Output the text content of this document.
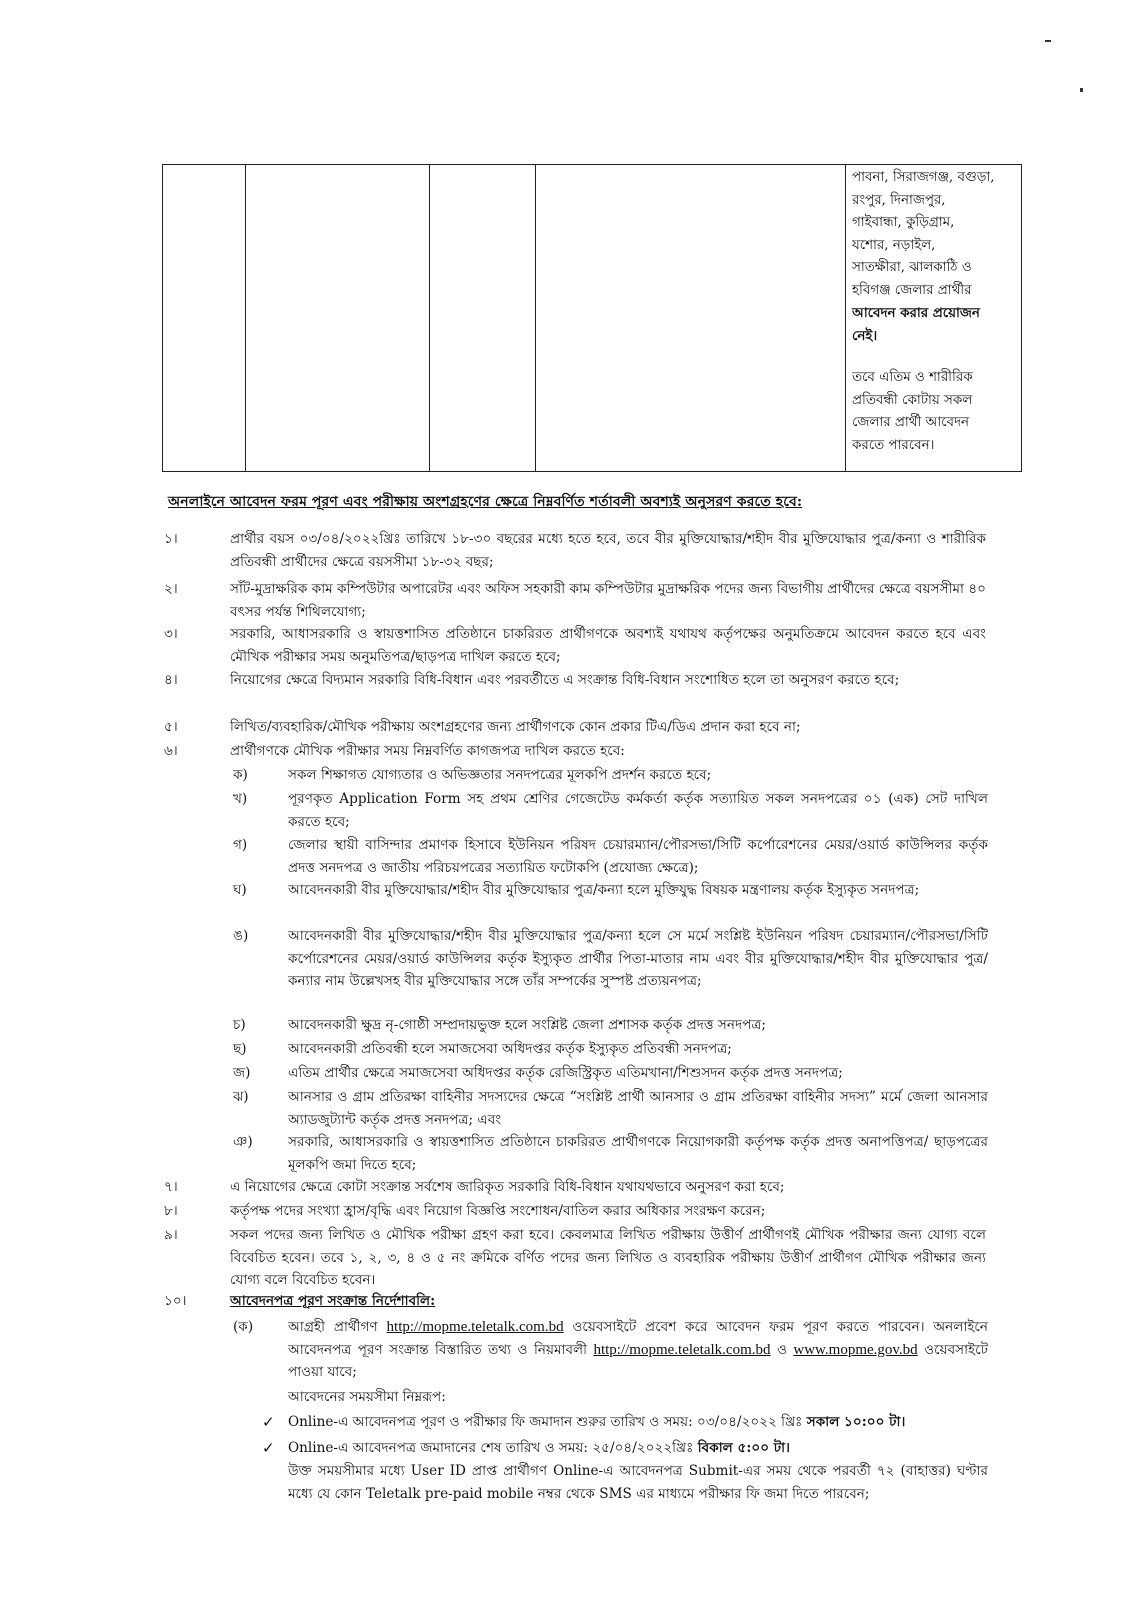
পাবনা, সিরাজগঞ্জ, বগুড়া,

রংপুর, দিনাজপুর,

গাইবান্ধা, কুড়িগ্রাম,

যশোর, নড়াইল,

সাতক্ষীরা, ঝালকাঠি ও

হবিগঞ্জ জেলার প্রার্থীর

আবেদন করার প্রয়োজন

নেই।

তবে এতিম ও শারীরিক

প্রতিবন্ধী কোটায় সকল

জেলার প্রার্থী আবেদন

করতে পারবেন।

অনলাইনে আবেদন ফরম পূরণ এবং পরীক্ষায় অংশগ্রহণের ক্ষেত্রে নিম্নবর্ণিত শর্তাবলী অবশ্যই অনুসরণ করতে হবে:
১।	প্রার্থীর বয়স ০৩/০৪/২০২২খ্রিঃ তারিখে ১৮-৩০ বছরের মধ্যে হতে হবে, তবে বীর মুক্তিযোদ্ধার/শহীদ বীর মুক্তিযোদ্ধার পুত্র/কন্যা ও শারীরিক প্রতিবন্ধী প্রার্থীদের ক্ষেত্রে বয়সসীমা ১৮-৩২ বছর;
২।	সাঁট-মুদ্রাক্ষরিক কাম কম্পিউটার অপারেটর এবং অফিস সহকারী কাম কম্পিউটার মুদ্রাক্ষরিক পদের জন্য বিভাগীয় প্রার্থীদের ক্ষেত্রে বয়সসীমা ৪০ বৎসর পর্যন্ত শিথিলযোগ্য;
৩।	সরকারি, আধাসরকারি ও স্বায়ত্তশাসিত প্রতিষ্ঠানে চাকরিরত প্রার্থীগণকে অবশ্যই যথাযথ কর্তৃপক্ষের অনুমতিক্রমে আবেদন করতে হবে এবং মৌখিক পরীক্ষার সময় অনুমতিপত্র/ছাড়পত্র দাখিল করতে হবে;
৪।	নিয়োগের ক্ষেত্রে বিদ্যমান সরকারি বিধি-বিধান এবং পরবর্তীতে এ সংক্রান্ত বিধি-বিধান সংশোধিত হলে তা অনুসরণ করতে হবে;
৫।	লিখিত/ব্যবহারিক/মৌখিক পরীক্ষায় অংশগ্রহণের জন্য প্রার্থীগণকে কোন প্রকার টিএ/ডিএ প্রদান করা হবে না;
৬।	প্রার্থীগণকে মৌখিক পরীক্ষার সময় নিম্নবর্ণিত কাগজপত্র দাখিল করতে হবে:
ক)	সকল শিক্ষাগত যোগ্যতার ও অভিজ্ঞতার সনদপত্রের মূলকপি প্রদর্শন করতে হবে;
খ)	পূরণকৃত Application Form সহ প্রথম শ্রেণির গেজেটেড কর্মকর্তা কর্তৃক সত্যায়িত সকল সনদপত্রের ০১ (এক) সেট দাখিল করতে হবে;
গ)	জেলার স্থায়ী বাসিন্দার প্রমাণক হিসাবে ইউনিয়ন পরিষদ চেয়ারম্যান/পৌরসভা/সিটি কর্পোরেশনের মেয়র/ওয়ার্ড কাউন্সিলর কর্তৃক প্রদত্ত সনদপত্র ও জাতীয় পরিচয়পত্রের সত্যায়িত ফটোকপি (প্রযোজ্য ক্ষেত্রে);
ঘ)	আবেদনকারী বীর মুক্তিযোদ্ধার/শহীদ বীর মুক্তিযোদ্ধার পুত্র/কন্যা হলে মুক্তিযুদ্ধ বিষয়ক মন্ত্রণালয় কর্তৃক ইস্যুকৃত সনদপত্র;
ঙ)	আবেদনকারী বীর মুক্তিযোদ্ধার/শহীদ বীর মুক্তিযোদ্ধার পুত্র/কন্যা হলে সে মর্মে সংশ্লিষ্ট ইউনিয়ন পরিষদ চেয়ারম্যান/পৌরসভা/সিটি কর্পোরেশনের মেয়র/ওয়ার্ড কাউন্সিলর কর্তৃক ইস্যুকৃত প্রার্থীর পিতা-মাতার নাম এবং বীর মুক্তিযোদ্ধার/শহীদ বীর মুক্তিযোদ্ধার পুত্র/কন্যার নাম উল্লেখসহ বীর মুক্তিযোদ্ধার সঙ্গে তাঁর সম্পর্কের সুস্পষ্ট প্রত্যয়নপত্র;
চ)	আবেদনকারী ক্ষুদ্র নৃ-গোষ্ঠী সম্প্রদায়ভুক্ত হলে সংশ্লিষ্ট জেলা প্রশাসক কর্তৃক প্রদত্ত সনদপত্র;
ছ)	আবেদনকারী প্রতিবন্ধী হলে সমাজসেবা অধিদপ্তর কর্তৃক ইস্যুকৃত প্রতিবন্ধী সনদপত্র;
জ)	এতিম প্রার্থীর ক্ষেত্রে সমাজসেবা অধিদপ্তর কর্তৃক রেজিস্ট্রিকৃত এতিমখানা/শিশুসদন কর্তৃক প্রদত্ত সনদপত্র;
ঝ)	আনসার ও গ্রাম প্রতিরক্ষা বাহিনীর সদস্যদের ক্ষেত্রে “সংশ্লিষ্ট প্রার্থী আনসার ও গ্রাম প্রতিরক্ষা বাহিনীর সদস্য” মর্মে জেলা আনসার অ্যাডজুট্যান্ট কর্তৃক প্রদত্ত সনদপত্র; এবং
ঞ)	সরকারি, আধাসরকারি ও স্বায়ত্তশাসিত প্রতিষ্ঠানে চাকরিরত প্রার্থীগণকে নিয়োগকারী কর্তৃপক্ষ কর্তৃক প্রদত্ত অনাপত্তিপত্র/ ছাড়পত্রের মূলকপি জমা দিতে হবে;
৭।	এ নিয়োগের ক্ষেত্রে কোটা সংক্রান্ত সর্বশেষ জারিকৃত সরকারি বিধি-বিধান যথাযথভাবে অনুসরণ করা হবে;
৮।	কর্তৃপক্ষ পদের সংখ্যা হ্রাস/বৃদ্ধি এবং নিয়োগ বিজ্ঞপ্তি সংশোধন/বাতিল করার অধিকার সংরক্ষণ করেন;
৯।	সকল পদের জন্য লিখিত ও মৌখিক পরীক্ষা গ্রহণ করা হবে। কেবলমাত্র লিখিত পরীক্ষায় উত্তীর্ণ প্রার্থীগণই মৌখিক পরীক্ষার জন্য যোগ্য বলে বিবেচিত হবেন। তবে ১, ২, ৩, ৪ ও ৫ নং ক্রমিকে বর্ণিত পদের জন্য লিখিত ও ব্যবহারিক পরীক্ষায় উত্তীর্ণ প্রার্থীগণ মৌখিক পরীক্ষার জন্য যোগ্য বলে বিবেচিত হবেন।
১০।	আবেদনপত্র পূরণ সংক্রান্ত নির্দেশাবলি:
(ক)	আগ্রহী প্রার্থীগণ http://mopme.teletalk.com.bd ওয়েবসাইটে প্রবেশ করে আবেদন ফরম পূরণ করতে পারবেন। অনলাইনে আবেদনপত্র পূরণ সংক্রান্ত বিস্তারিত তথ্য ও নিয়মাবলী http://mopme.teletalk.com.bd ও www.mopme.gov.bd ওয়েবসাইটে পাওয়া যাবে;
আবেদনের সময়সীমা নিম্নরূপ:
✓ Online-এ আবেদনপত্র পূরণ ও পরীক্ষার ফি জমাদান শুরুর তারিখ ও সময়: ০৩/০৪/২০২২ খ্রিঃ সকাল ১০:০০ টা।
✓ Online-এ আবেদনপত্র জমাদানের শেষ তারিখ ও সময়: ২৫/০৪/২০২২খ্রিঃ বিকাল ৫:০০ টা।
উক্ত সময়সীমার মধ্যে User ID প্রাপ্ত প্রার্থীগণ Online-এ আবেদনপত্র Submit-এর সময় থেকে পরবর্তী ৭২ (বাহাত্তর) ঘণ্টার মধ্যে যে কোন Teletalk pre-paid mobile নম্বর থেকে SMS এর মাধ্যমে পরীক্ষার ফি জমা দিতে পারবেন;
